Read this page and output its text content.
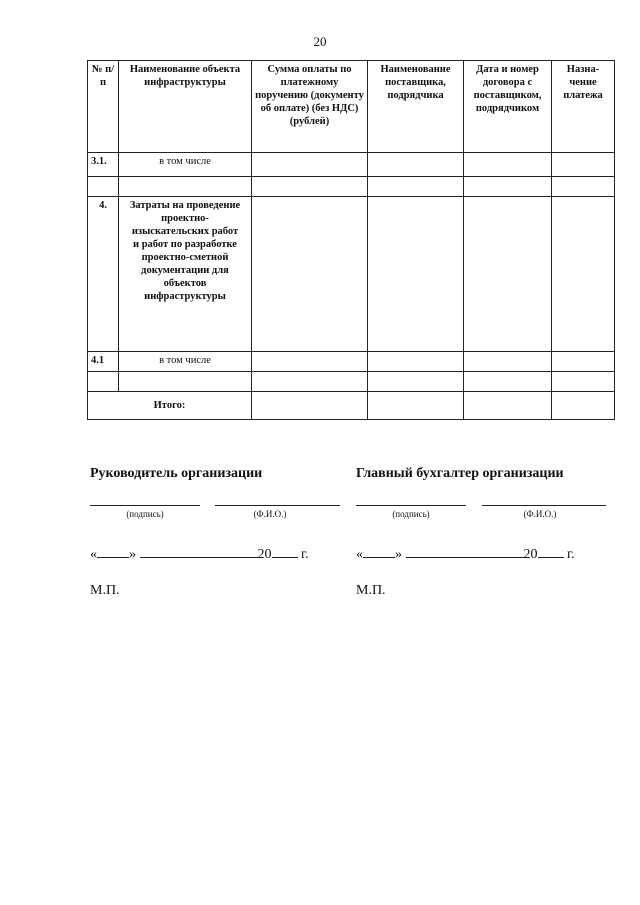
20
№ п/п	Наименование объекта инфраструктуры	Сумма оплаты по платежному поручению (документу об оплате) (без НДС) (рублей)	Наименование поставщика, подрядчика	Дата и номер договора с поставщиком, подрядчиком	Назна-чение платежа
3.1.	в том числе				

4.	Затраты на проведение проектно-изыскательских работ и работ по разработке проектно-сметной документации для объектов инфраструктуры				
4.1	в том числе				

Итого:					
Руководитель организации
(подпись)	(Ф.И.О.)
« »	20 г.
М.П.
Главный бухгалтер организации
(подпись)	(Ф.И.О.)
« »	20 г.
М.П.
